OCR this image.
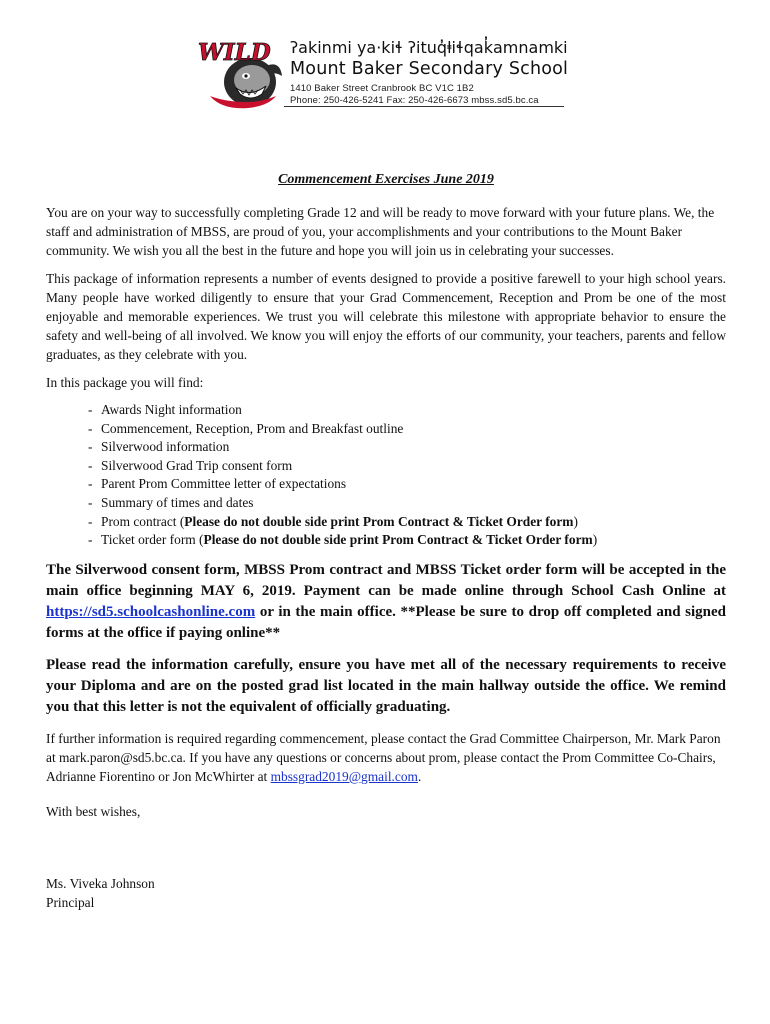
WILD ʔakinmi ya·kiɬ ʔituq̓ⱡiɬqak̓amnamki
Mount Baker Secondary School
1410 Baker Street Cranbrook BC V1C 1B2
Phone: 250-426-5241 Fax: 250-426-6673 mbss.sd5.bc.ca
Commencement Exercises June 2019

You are on your way to successfully completing Grade 12 and will be ready to move forward with your future plans. We, the staff and administration of MBSS, are proud of you, your accomplishments and your contributions to the Mount Baker community. We wish you all the best in the future and hope you will join us in celebrating your successes.

This package of information represents a number of events designed to provide a positive farewell to your high school years. Many people have worked diligently to ensure that your Grad Commencement, Reception and Prom be one of the most enjoyable and memorable experiences. We trust you will celebrate this milestone with appropriate behavior to ensure the safety and well-being of all involved. We know you will enjoy the efforts of our community, your teachers, parents and fellow graduates, as they celebrate with you.

In this package you will find:

- Awards Night information
- Commencement, Reception, Prom and Breakfast outline
- Silverwood information
- Silverwood Grad Trip consent form
- Parent Prom Committee letter of expectations
- Summary of times and dates
- Prom contract (Please do not double side print Prom Contract & Ticket Order form)
- Ticket order form (Please do not double side print Prom Contract & Ticket Order form)

The Silverwood consent form, MBSS Prom contract and MBSS Ticket order form will be accepted in the main office beginning MAY 6, 2019. Payment can be made online through School Cash Online at https://sd5.schoolcashonline.com or in the main office. **Please be sure to drop off completed and signed forms at the office if paying online**

Please read the information carefully, ensure you have met all of the necessary requirements to receive your Diploma and are on the posted grad list located in the main hallway outside the office. We remind you that this letter is not the equivalent of officially graduating.

If further information is required regarding commencement, please contact the Grad Committee Chairperson, Mr. Mark Paron at mark.paron@sd5.bc.ca. If you have any questions or concerns about prom, please contact the Prom Committee Co-Chairs, Adrianne Fiorentino or Jon McWhirter at mbssgrad2019@gmail.com.

With best wishes,

Ms. Viveka Johnson
Principal
